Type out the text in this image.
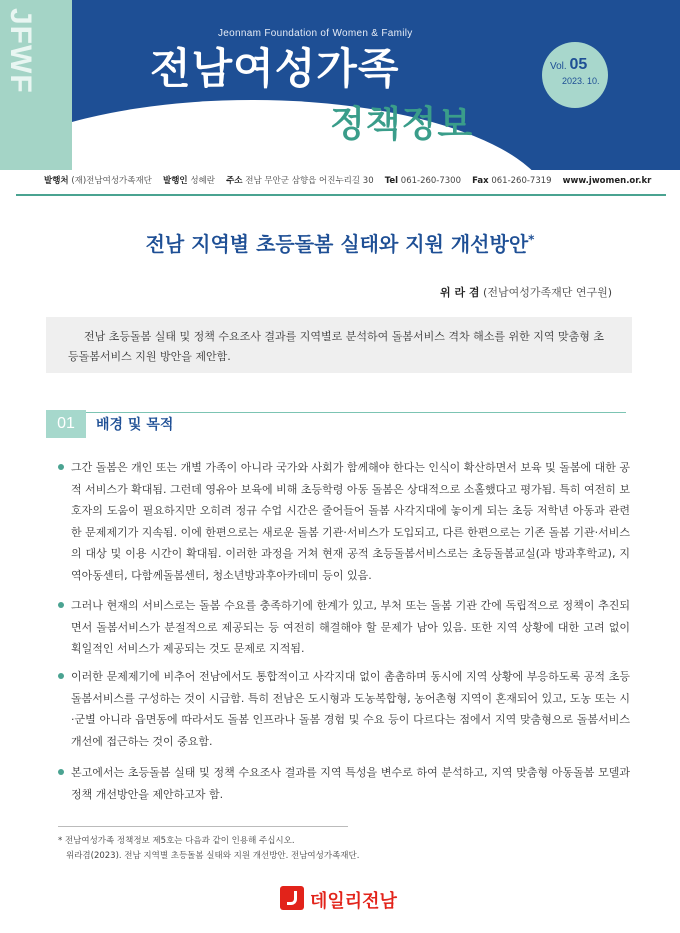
JFWF	Jeonnam Foundation of Women & Family
전남여성가족
정책정보
Vol. 05
2023. 10.
발행처 (재)전남여성가족재단 발행인 성혜란 주소 전남 무안군 삼향읍 어진누리길 30 Tel 061-260-7300 Fax 061-260-7319 www.jwomen.or.kr
전남 지역별 초등돌봄 실태와 지원 개선방안*
위 라 겸 (전남여성가족재단 연구원)

전남 초등돌봄 실태 및 정책 수요조사 결과를 지역별로 분석하여 돌봄서비스 격차 해소를 위한 지역 맞춤형 초등돌봄서비스 지원 방안을 제안함.

01	배경 및 목적
그간 돌봄은 개인 또는 개별 가족이 아니라 국가와 사회가 함께해야 한다는 인식이 확산하면서 보육 및 돌봄에 대한 공적 서비스가 확대됨. 그런데 영유아 보육에 비해 초등학령 아동 돌봄은 상대적으로 소홀했다고 평가됨. 특히 여전히 보호자의 도움이 필요하지만 오히려 정규 수업 시간은 줄어들어 돌봄 사각지대에 놓이게 되는 초등 저학년 아동과 관련한 문제제기가 지속됨. 이에 한편으로는 새로운 돌봄 기관·서비스가 도입되고, 다른 한편으로는 기존 돌봄 기관·서비스의 대상 및 이용 시간이 확대됨. 이러한 과정을 거쳐 현재 공적 초등돌봄서비스로는 초등돌봄교실(과 방과후학교), 지역아동센터, 다함께돌봄센터, 청소년방과후아카데미 등이 있음.
그러나 현재의 서비스로는 돌봄 수요를 충족하기에 한계가 있고, 부처 또는 돌봄 기관 간에 독립적으로 정책이 추진되면서 돌봄서비스가 분절적으로 제공되는 등 여전히 해결해야 할 문제가 남아 있음. 또한 지역 상황에 대한 고려 없이 획일적인 서비스가 제공되는 것도 문제로 지적됨.
이러한 문제제기에 비추어 전남에서도 통합적이고 사각지대 없이 촘촘하며 동시에 지역 상황에 부응하도록 공적 초등돌봄서비스를 구성하는 것이 시급함. 특히 전남은 도시형과 도농복합형, 농어촌형 지역이 혼재되어 있고, 도농 또는 시·군별 아니라 읍면동에 따라서도 돌봄 인프라나 돌봄 경험 및 수요 등이 다르다는 점에서 지역 맞춤형으로 돌봄서비스 개선에 접근하는 것이 중요함.
본고에서는 초등돌봄 실태 및 정책 수요조사 결과를 지역 특성을 변수로 하여 분석하고, 지역 맞춤형 아동돌봄 모델과 정책 개선방안을 제안하고자 함.
* 전남여성가족 정책정보 제5호는 다음과 같이 인용해 주십시오.
위라겸(2023). 전남 지역별 초등돌봄 실태와 지원 개선방안. 전남여성가족재단.
데일리전남
